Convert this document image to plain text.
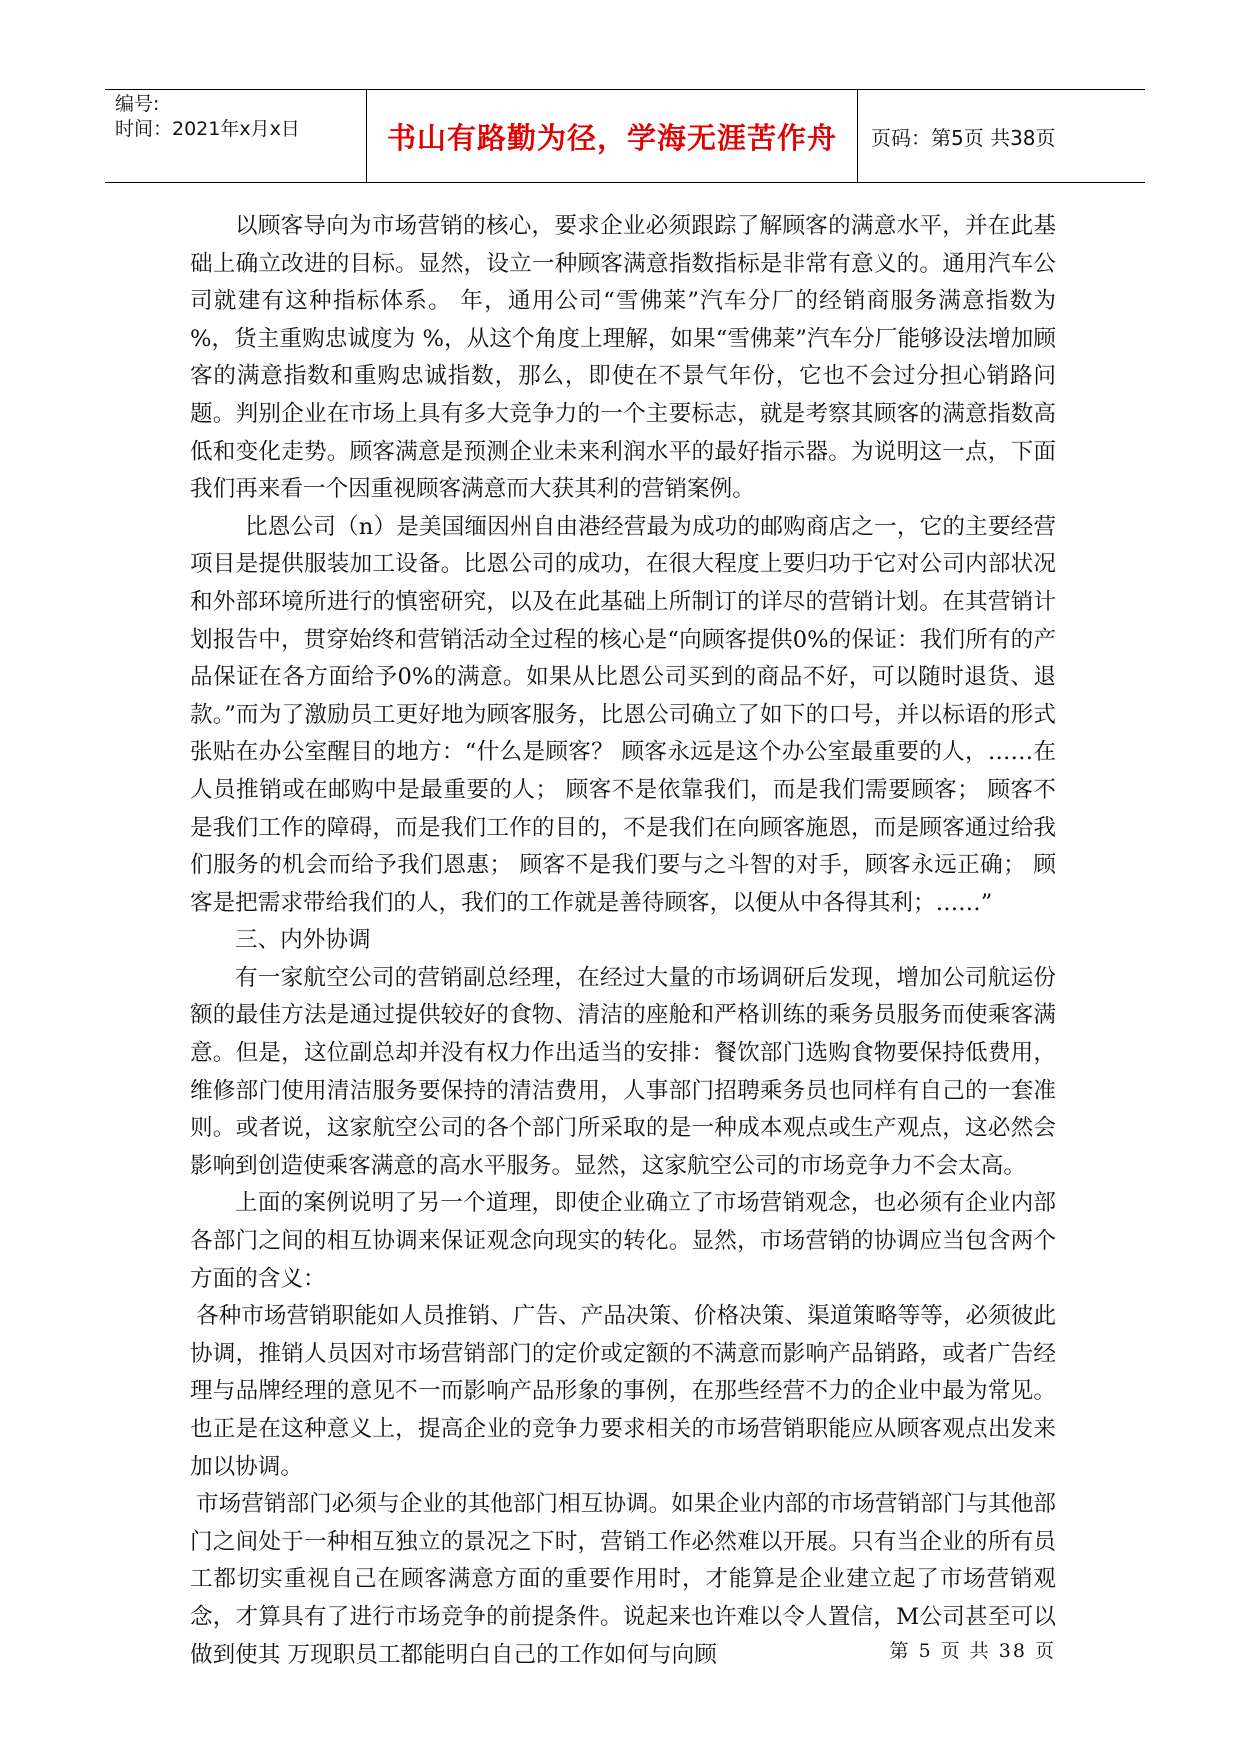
编号:
时间：2021年x月x日	书山有路勤为径，学海无涯苦作舟	页码：第5页 共38页

以顾客导向为市场营销的核心，要求企业必须跟踪了解顾客的满意水平，并在此基础上确立改进的目标。显然，设立一种顾客满意指数指标是非常有意义的。通用汽车公司就建有这种指标体系。 年，通用公司“雪佛莱”汽车分厂的经销商服务满意指数为 %，货主重购忠诚度为 %，从这个角度上理解，如果“雪佛莱”汽车分厂能够设法增加顾客的满意指数和重购忠诚指数，那么，即使在不景气年份，它也不会过分担心销路问题。判别企业在市场上具有多大竞争力的一个主要标志，就是考察其顾客的满意指数高低和变化走势。顾客满意是预测企业未来利润水平的最好指示器。为说明这一点，下面我们再来看一个因重视顾客满意而大获其利的营销案例。

比恩公司（n）是美国缅因州自由港经营最为成功的邮购商店之一，它的主要经营项目是提供服装加工设备。比恩公司的成功，在很大程度上要归功于它对公司内部状况和外部环境所进行的慎密研究，以及在此基础上所制订的详尽的营销计划。在其营销计划报告中，贯穿始终和营销活动全过程的核心是“向顾客提供0%的保证：我们所有的产品保证在各方面给予0%的满意。如果从比恩公司买到的商品不好，可以随时退货、退款。”而为了激励员工更好地为顾客服务，比恩公司确立了如下的口号，并以标语的形式张贴在办公室醒目的地方：“什么是顾客？ 顾客永远是这个办公室最重要的人，……在人员推销或在邮购中是最重要的人； 顾客不是依靠我们，而是我们需要顾客； 顾客不是我们工作的障碍，而是我们工作的目的，不是我们在向顾客施恩，而是顾客通过给我们服务的机会而给予我们恩惠； 顾客不是我们要与之斗智的对手，顾客永远正确； 顾客是把需求带给我们的人，我们的工作就是善待顾客，以便从中各得其利；……”

三、内外协调

有一家航空公司的营销副总经理，在经过大量的市场调研后发现，增加公司航运份额的最佳方法是通过提供较好的食物、清洁的座舱和严格训练的乘务员服务而使乘客满意。但是，这位副总却并没有权力作出适当的安排：餐饮部门选购食物要保持低费用，维修部门使用清洁服务要保持的清洁费用，人事部门招聘乘务员也同样有自己的一套准则。或者说，这家航空公司的各个部门所采取的是一种成本观点或生产观点，这必然会影响到创造使乘客满意的高水平服务。显然，这家航空公司的市场竞争力不会太高。

上面的案例说明了另一个道理，即使企业确立了市场营销观念，也必须有企业内部各部门之间的相互协调来保证观念向现实的转化。显然，市场营销的协调应当包含两个方面的含义：

各种市场营销职能如人员推销、广告、产品决策、价格决策、渠道策略等等，必须彼此协调，推销人员因对市场营销部门的定价或定额的不满意而影响产品销路，或者广告经理与品牌经理的意见不一而影响产品形象的事例，在那些经营不力的企业中最为常见。也正是在这种意义上，提高企业的竞争力要求相关的市场营销职能应从顾客观点出发来加以协调。

市场营销部门必须与企业的其他部门相互协调。如果企业内部的市场营销部门与其他部门之间处于一种相互独立的景况之下时，营销工作必然难以开展。只有当企业的所有员工都切实重视自己在顾客满意方面的重要作用时，才能算是企业建立起了市场营销观念，才算具有了进行市场竞争的前提条件。说起来也许难以令人置信，M公司甚至可以做到使其 万现职员工都能明白自己的工作如何与向顾	第 5 页 共 38 页
